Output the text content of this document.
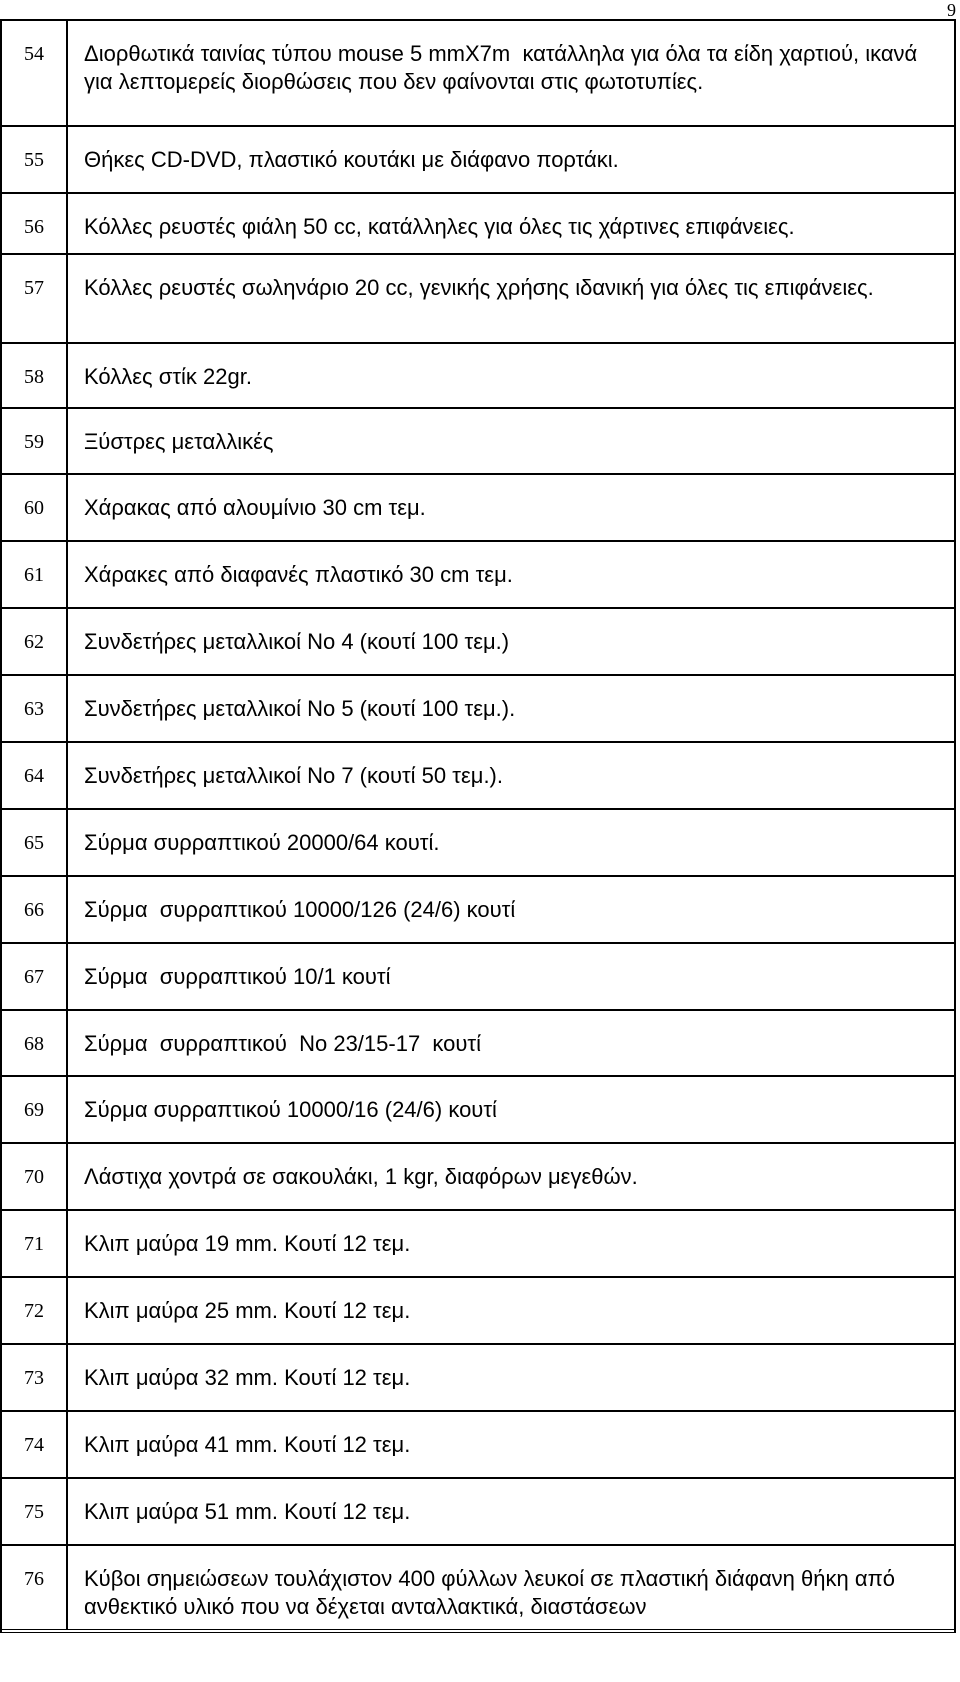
9
54	Διορθωτικά ταινίας τύπου mouse 5 mmX7m  κατάλληλα για όλα τα είδη χαρτιού, ικανά για λεπτομερείς διορθώσεις που δεν φαίνονται στις φωτοτυπίες.
55	Θήκες CD-DVD, πλαστικό κουτάκι με διάφανο πορτάκι.
56	Κόλλες ρευστές φιάλη 50 cc, κατάλληλες για όλες τις χάρτινες επιφάνειες.
57	Κόλλες ρευστές σωληνάριο 20 cc, γενικής χρήσης ιδανική για όλες τις επιφάνειες.
58	Κόλλες στίκ 22gr.
59	Ξύστρες μεταλλικές
60	Χάρακας από αλουμίνιο 30 cm τεμ.
61	Χάρακες από διαφανές πλαστικό 30 cm τεμ.
62	Συνδετήρες μεταλλικοί Νο 4 (κουτί 100 τεμ.)
63	Συνδετήρες μεταλλικοί Νο 5 (κουτί 100 τεμ.).
64	Συνδετήρες μεταλλικοί Νο 7 (κουτί 50 τεμ.).
65	Σύρμα συρραπτικού 20000/64 κουτί.
66	Σύρμα  συρραπτικού 10000/126 (24/6) κουτί
67	Σύρμα  συρραπτικού 10/1 κουτί
68	Σύρμα  συρραπτικού  Νο 23/15-17  κουτί
69	Σύρμα συρραπτικού 10000/16 (24/6) κουτί
70	Λάστιχα χοντρά σε σακουλάκι, 1 kgr, διαφόρων μεγεθών.
71	Κλιπ μαύρα 19 mm. Κουτί 12 τεμ.
72	Κλιπ μαύρα 25 mm. Κουτί 12 τεμ.
73	Κλιπ μαύρα 32 mm. Κουτί 12 τεμ.
74	Κλιπ μαύρα 41 mm. Κουτί 12 τεμ.
75	Κλιπ μαύρα 51 mm. Κουτί 12 τεμ.
76	Κύβοι σημειώσεων τουλάχιστον 400 φύλλων λευκοί σε πλαστική διάφανη θήκη από ανθεκτικό υλικό που να δέχεται ανταλλακτικά, διαστάσεων
